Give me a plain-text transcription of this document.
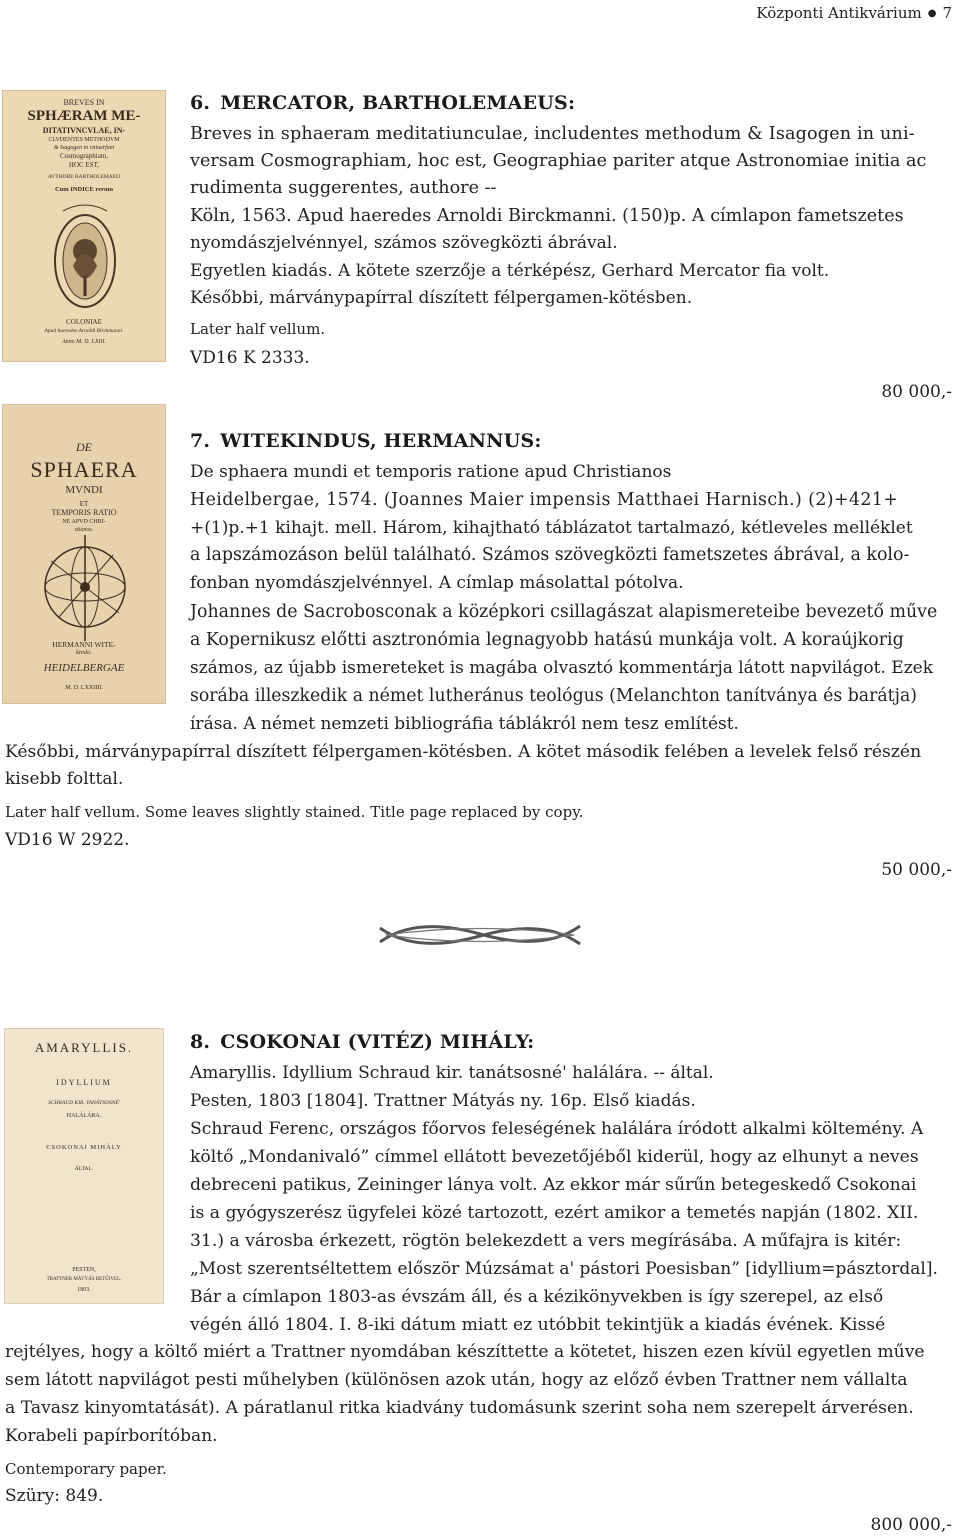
Központi Antikvárium ● 7
BREVES IN
SPHÆRAM ME-
DITATIVNCVLAE, IN-
CLVDENTES METHODVM
& Isagogen in vniuerfam
Cosmographiam,
HOC EST,
AVTHORE BARTHOLEMAEO
Cum INDICE rerum
COLONIAE
Apud haeredes Arnoldi Birckmanni.
Anno M. D. LXIII.
6. MERCATOR, BARTHOLEMAEUS:
Breves in sphaeram meditatiunculae, includentes methodum & Isagogen in uni-
versam Cosmographiam, hoc est, Geographiae pariter atque Astronomiae initia ac
rudimenta suggerentes, authore --
Köln, 1563. Apud haeredes Arnoldi Birckmanni. (150)p. A címlapon fametszetes
nyomdászjelvénnyel, számos szövegközti ábrával.
Egyetlen kiadás. A kötete szerzője a térképész, Gerhard Mercator fia volt.
Későbbi, márványpapírral díszített félpergamen-kötésben.
Later half vellum.
VD16 K 2333.
80 000,-
DE
SPHAERA
MVNDI
ET
TEMPORIS RATIO
NE APVD CHRI-
stianos.
HERMANNI WITE-
kindo.
HEIDELBERGAE
M. D. LXXIIII.
7. WITEKINDUS, HERMANNUS:
De sphaera mundi et temporis ratione apud Christianos
Heidelbergae, 1574. (Joannes Maier impensis Matthaei Harnisch.) (2)+421+
+(1)p.+1 kihajt. mell. Három, kihajtható táblázatot tartalmazó, kétleveles melléklet
a lapszámozáson belül található. Számos szövegközti fametszetes ábrával, a kolo-
fonban nyomdászjelvénnyel. A címlap másolattal pótolva.
Johannes de Sacrobosconak a középkori csillagászat alapismereteibe bevezető műve
a Kopernikusz előtti asztronómia legnagyobb hatású munkája volt. A koraújkorig
számos, az újabb ismereteket is magába olvasztó kommentárja látott napvilágot. Ezek
sorába illeszkedik a német lutheránus teológus (Melanchton tanítványa és barátja)
írása. A német nemzeti bibliográfia táblákról nem tesz említést.
Későbbi, márványpapírral díszített félpergamen-kötésben. A kötet második felében a levelek felső részén
kisebb folttal.
Later half vellum. Some leaves slightly stained. Title page replaced by copy.
VD16 W 2922.
50 000,-
AMARYLLIS.
IDYLLIUM
SCHRAUD KIR. TANÁTSOSNÉ'
HALÁLÁRA.
CSOKONAI MIHÁLY
ÁLTAL.
PESTEN,
TRATTNER MÁTYÁS BETŰIVEL.
1803.
8. CSOKONAI (VITÉZ) MIHÁLY:
Amaryllis. Idyllium Schraud kir. tanátsosné' halálára. -- által.
Pesten, 1803 [1804]. Trattner Mátyás ny. 16p. Első kiadás.
Schraud Ferenc, országos főorvos feleségének halálára íródott alkalmi költemény. A
költő „Mondanivaló” címmel ellátott bevezetőjéből kiderül, hogy az elhunyt a neves
debreceni patikus, Zeininger lánya volt. Az ekkor már sűrűn betegeskedő Csokonai
is a gyógyszerész ügyfelei közé tartozott, ezért amikor a temetés napján (1802. XII.
31.) a városba érkezett, rögtön belekezdett a vers megírásába. A műfajra is kitér:
„Most szerentséltettem először Múzsámat a' pástori Poesisban” [idyllium=pásztordal].
Bár a címlapon 1803-as évszám áll, és a kézikönyvekben is így szerepel, az első
végén álló 1804. I. 8-iki dátum miatt ez utóbbit tekintjük a kiadás évének. Kissé
rejtélyes, hogy a költő miért a Trattner nyomdában készíttette a kötetet, hiszen ezen kívül egyetlen műve
sem látott napvilágot pesti műhelyben (különösen azok után, hogy az előző évben Trattner nem vállalta
a Tavasz kinyomtatását). A páratlanul ritka kiadvány tudomásunk szerint soha nem szerepelt árverésen.
Korabeli papírborítóban.
Contemporary paper.
Szüry: 849.
800 000,-
